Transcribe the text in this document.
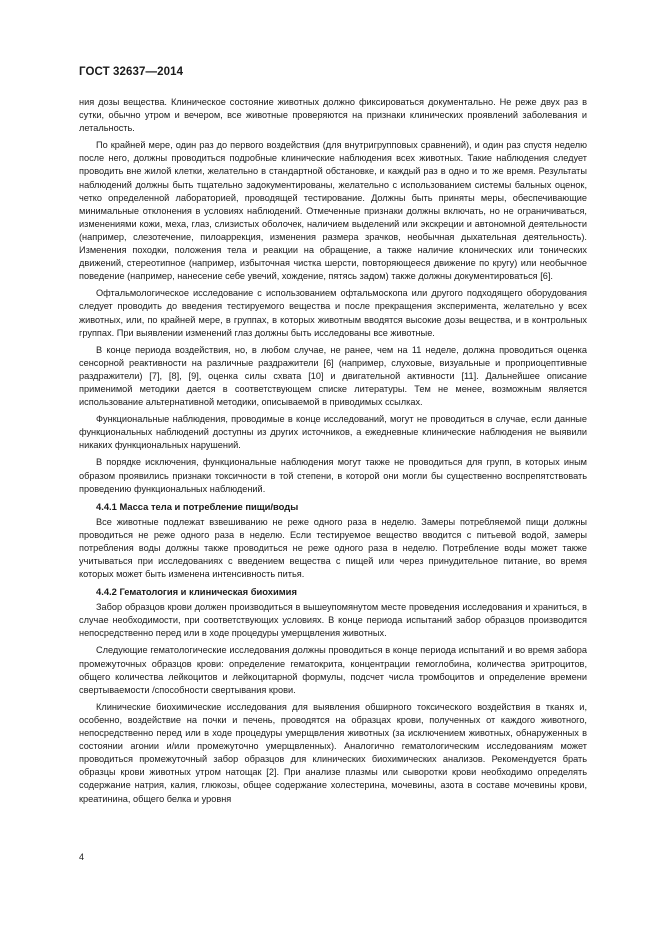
ГОСТ 32637—2014

ния дозы вещества. Клиническое состояние животных должно фиксироваться документально. Не реже двух раз в сутки, обычно утром и вечером, все животные проверяются на признаки клинических проявлений заболевания и летальность.

По крайней мере, один раз до первого воздействия (для внутригрупповых сравнений), и один раз спустя неделю после него, должны проводиться подробные клинические наблюдения всех животных. Такие наблюдения следует проводить вне жилой клетки, желательно в стандартной обстановке, и каждый раз в одно и то же время. Результаты наблюдений должны быть тщательно задокументированы, желательно с использованием системы бальных оценок, четко определенной лабораторией, проводящей тестирование. Должны быть приняты меры, обеспечивающие минимальные отклонения в условиях наблюдений. Отмеченные признаки должны включать, но не ограничиваться, изменениями кожи, меха, глаз, слизистых оболочек, наличием выделений или экскреции и автономной деятельности (например, слезотечение, пилоаррекция, изменения размера зрачков, необычная дыхательная деятельность). Изменения походки, положения тела и реакции на обращение, а также наличие клонических или тонических движений, стереотипное (например, избыточная чистка шерсти, повторяющееся движение по кругу) или необычное поведение (например, нанесение себе увечий, хождение, пятясь задом) также должны документироваться [6].

Офтальмологическое исследование с использованием офтальмоскопа или другого подходящего оборудования следует проводить до введения тестируемого вещества и после прекращения эксперимента, желательно у всех животных, или, по крайней мере, в группах, в которых животным вводятся высокие дозы вещества, и в контрольных группах. При выявлении изменений глаз должны быть исследованы все животные.

В конце периода воздействия, но, в любом случае, не ранее, чем на 11 неделе, должна проводиться оценка сенсорной реактивности на различные раздражители [6] (например, слуховые, визуальные и проприоцептивные раздражители) [7], [8], [9], оценка силы схвата [10] и двигательной активности [11]. Дальнейшее описание применимой методики дается в соответствующем списке литературы. Тем не менее, возможным является использование альтернативной методики, описываемой в приводимых ссылках.

Функциональные наблюдения, проводимые в конце исследований, могут не проводиться в случае, если данные функциональных наблюдений доступны из других источников, а ежедневные клинические наблюдения не выявили никаких функциональных нарушений.

В порядке исключения, функциональные наблюдения могут также не проводиться для групп, в которых иным образом проявились признаки токсичности в той степени, в которой они могли бы существенно воспрепятствовать проведению функциональных наблюдений.

4.4.1 Масса тела и потребление пищи/воды

Все животные подлежат взвешиванию не реже одного раза в неделю. Замеры потребляемой пищи должны проводиться не реже одного раза в неделю. Если тестируемое вещество вводится с питьевой водой, замеры потребления воды должны также проводиться не реже одного раза в неделю. Потребление воды может также учитываться при исследованиях с введением вещества с пищей или через принудительное питание, во время которых может быть изменена интенсивность питья.

4.4.2 Гематология и клиническая биохимия

Забор образцов крови должен производиться в вышеупомянутом месте проведения исследования и храниться, в случае необходимости, при соответствующих условиях. В конце периода испытаний забор образцов производится непосредственно перед или в ходе процедуры умерщвления животных.

Следующие гематологические исследования должны проводиться в конце периода испытаний и во время забора промежуточных образцов крови: определение гематокрита, концентрации гемоглобина, количества эритроцитов, общего количества лейкоцитов и лейкоцитарной формулы, подсчет числа тромбоцитов и определение времени свертываемости /способности свертывания крови.

Клинические биохимические исследования для выявления обширного токсического воздействия в тканях и, особенно, воздействие на почки и печень, проводятся на образцах крови, полученных от каждого животного, непосредственно перед или в ходе процедуры умерщвления животных (за исключением животных, обнаруженных в состоянии агонии и/или промежуточно умерщвленных). Аналогично гематологическим исследованиям может проводиться промежуточный забор образцов для клинических биохимических анализов. Рекомендуется брать образцы крови животных утром натощак [2]. При анализе плазмы или сыворотки крови необходимо определять содержание натрия, калия, глюкозы, общее содержание холестерина, мочевины, азота в составе мочевины крови, креатинина, общего белка и уровня

4
